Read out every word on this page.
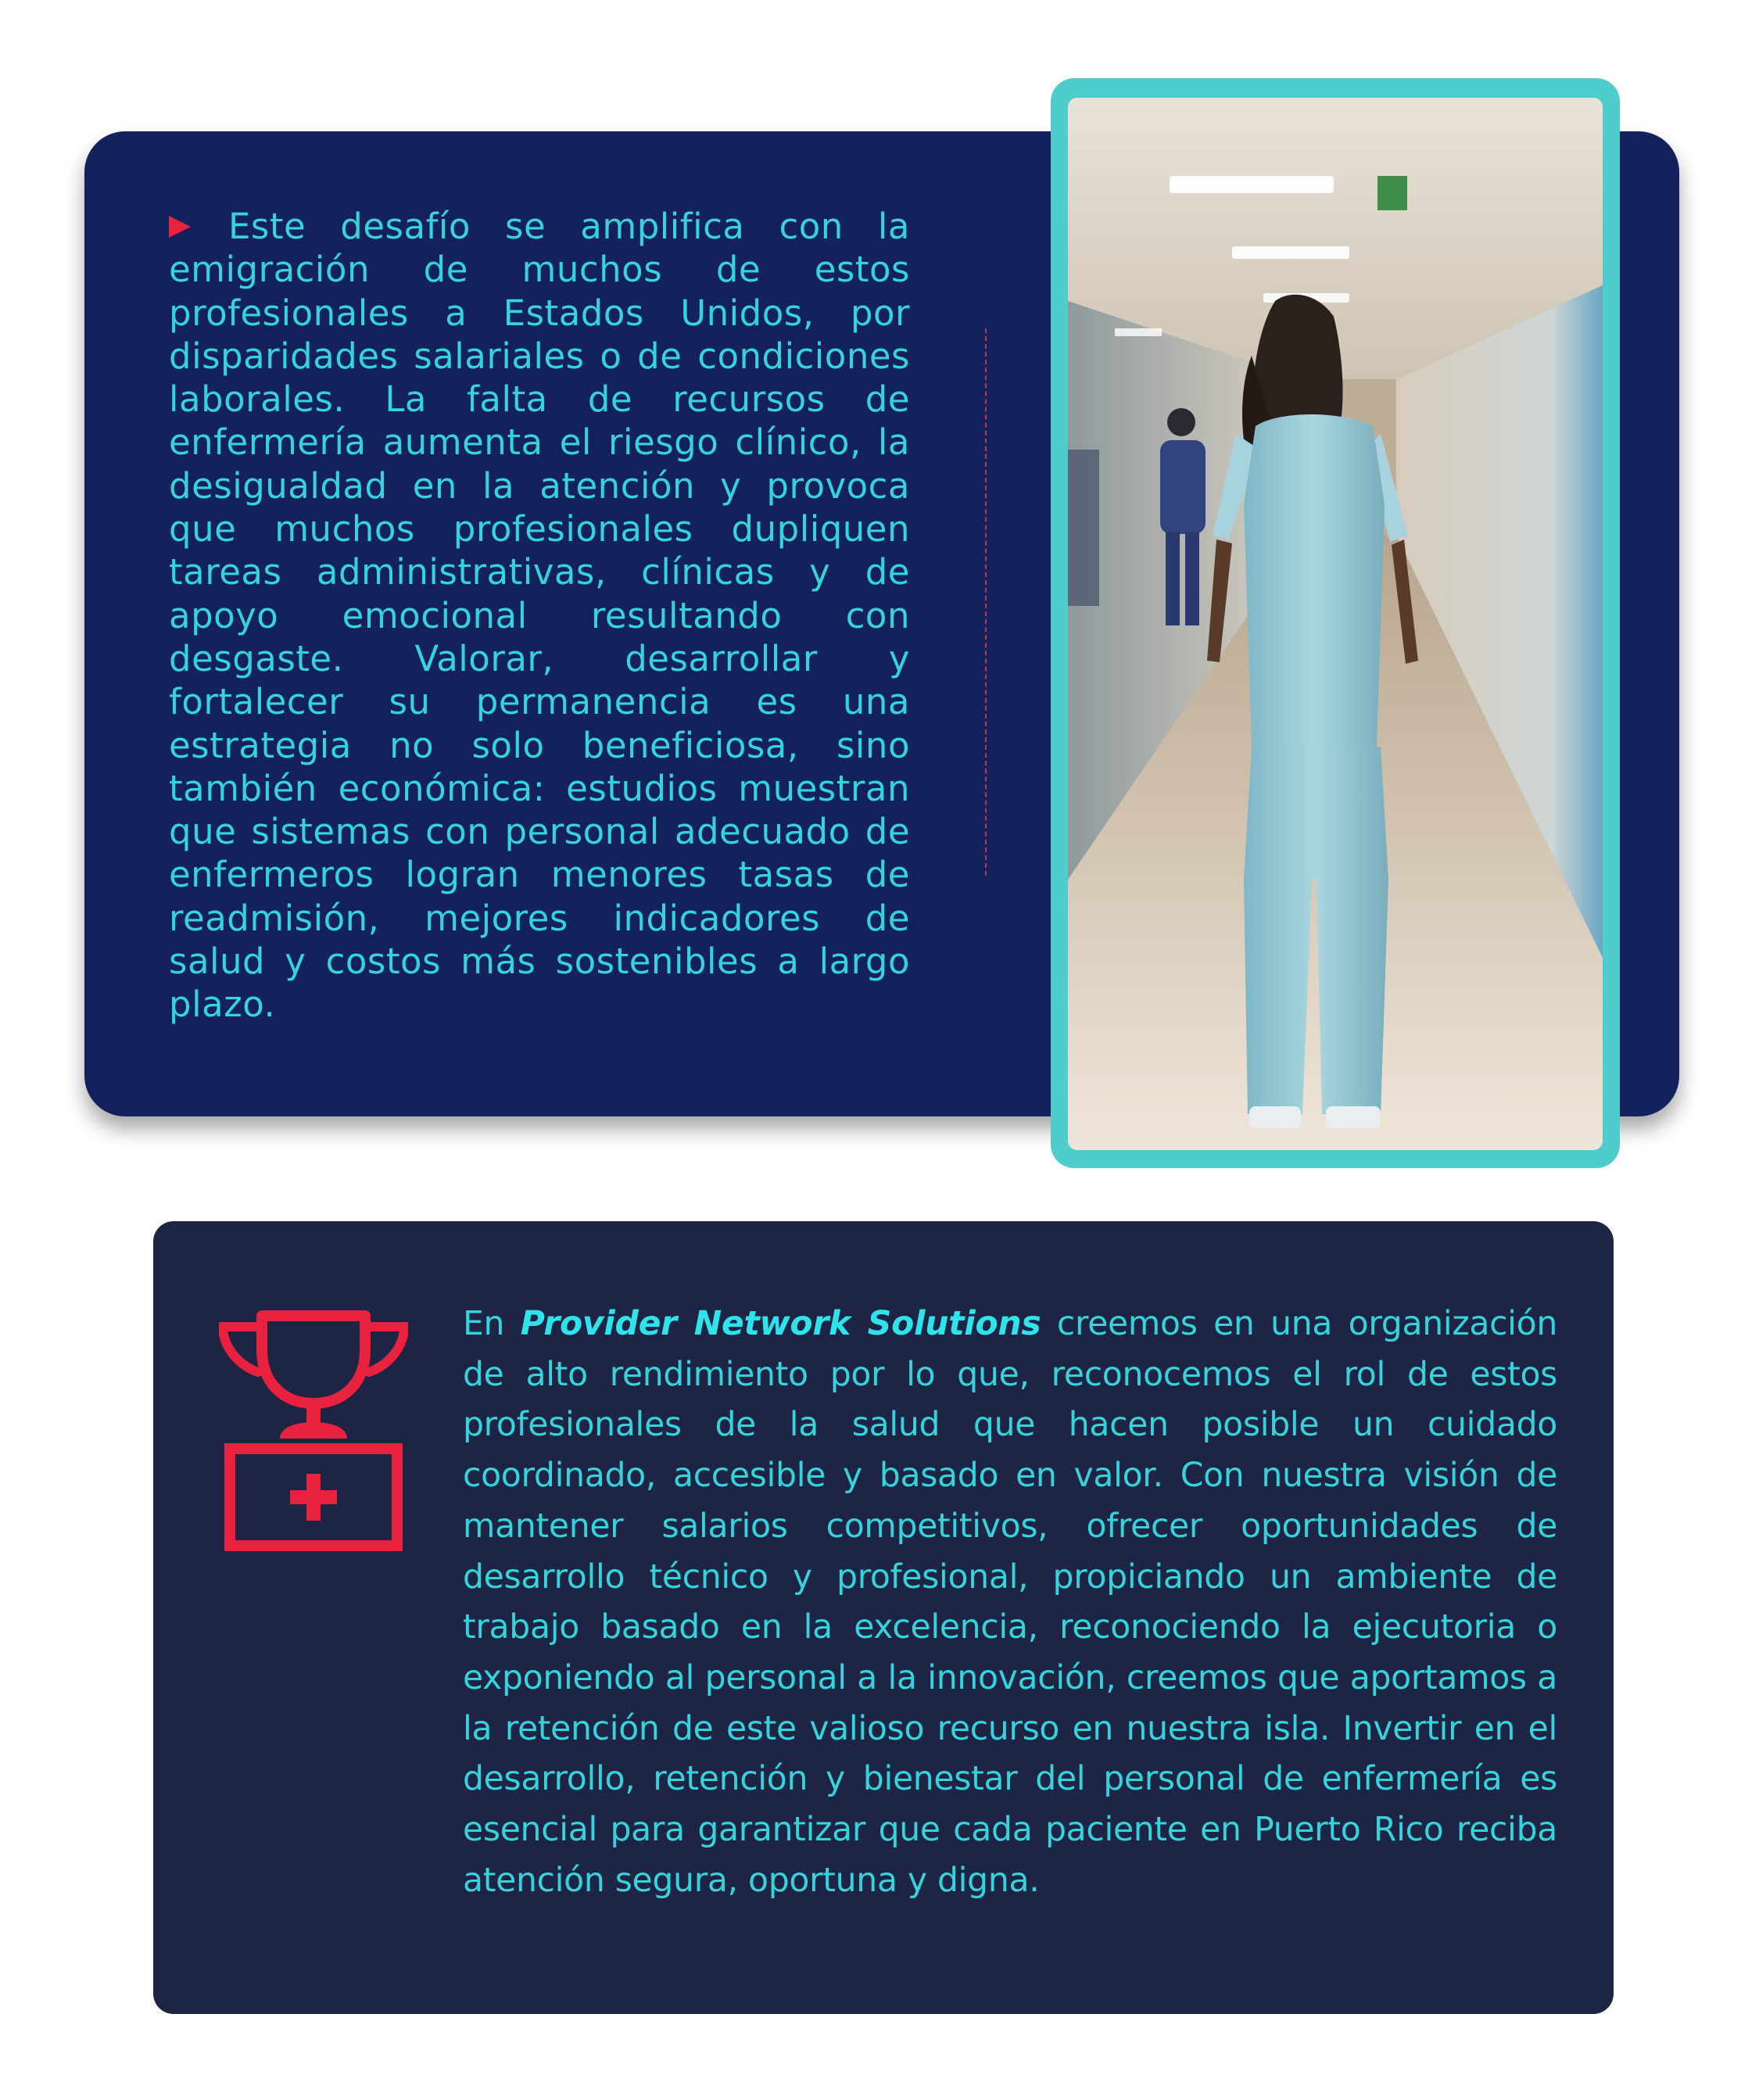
Este desafío se amplifica con la emigración de muchos de estos profesionales a Estados Unidos, por disparidades salariales o de condiciones laborales. La falta de recursos de enfermería aumenta el riesgo clínico, la desigualdad en la atención y provoca que muchos profesionales dupliquen tareas administrativas, clínicas y de apoyo emocional resultando con desgaste. Valorar, desarrollar y fortalecer su permanencia es una estrategia no solo beneficiosa, sino también económica: estudios muestran que sistemas con personal adecuado de enfermeros logran menores tasas de readmisión, mejores indicadores de salud y costos más sostenibles a largo plazo.

En Provider Network Solutions creemos en una organización de alto rendimiento por lo que, reconocemos el rol de estos profesionales de la salud que hacen posible un cuidado coordinado, accesible y basado en valor. Con nuestra visión de mantener salarios competitivos, ofrecer oportunidades de desarrollo técnico y profesional, propiciando un ambiente de trabajo basado en la excelencia, reconociendo la ejecutoria o exponiendo al personal a la innovación, creemos que aportamos a la retención de este valioso recurso en nuestra isla. Invertir en el desarrollo, retención y bienestar del personal de enfermería es esencial para garantizar que cada paciente en Puerto Rico reciba atención segura, oportuna y digna.
